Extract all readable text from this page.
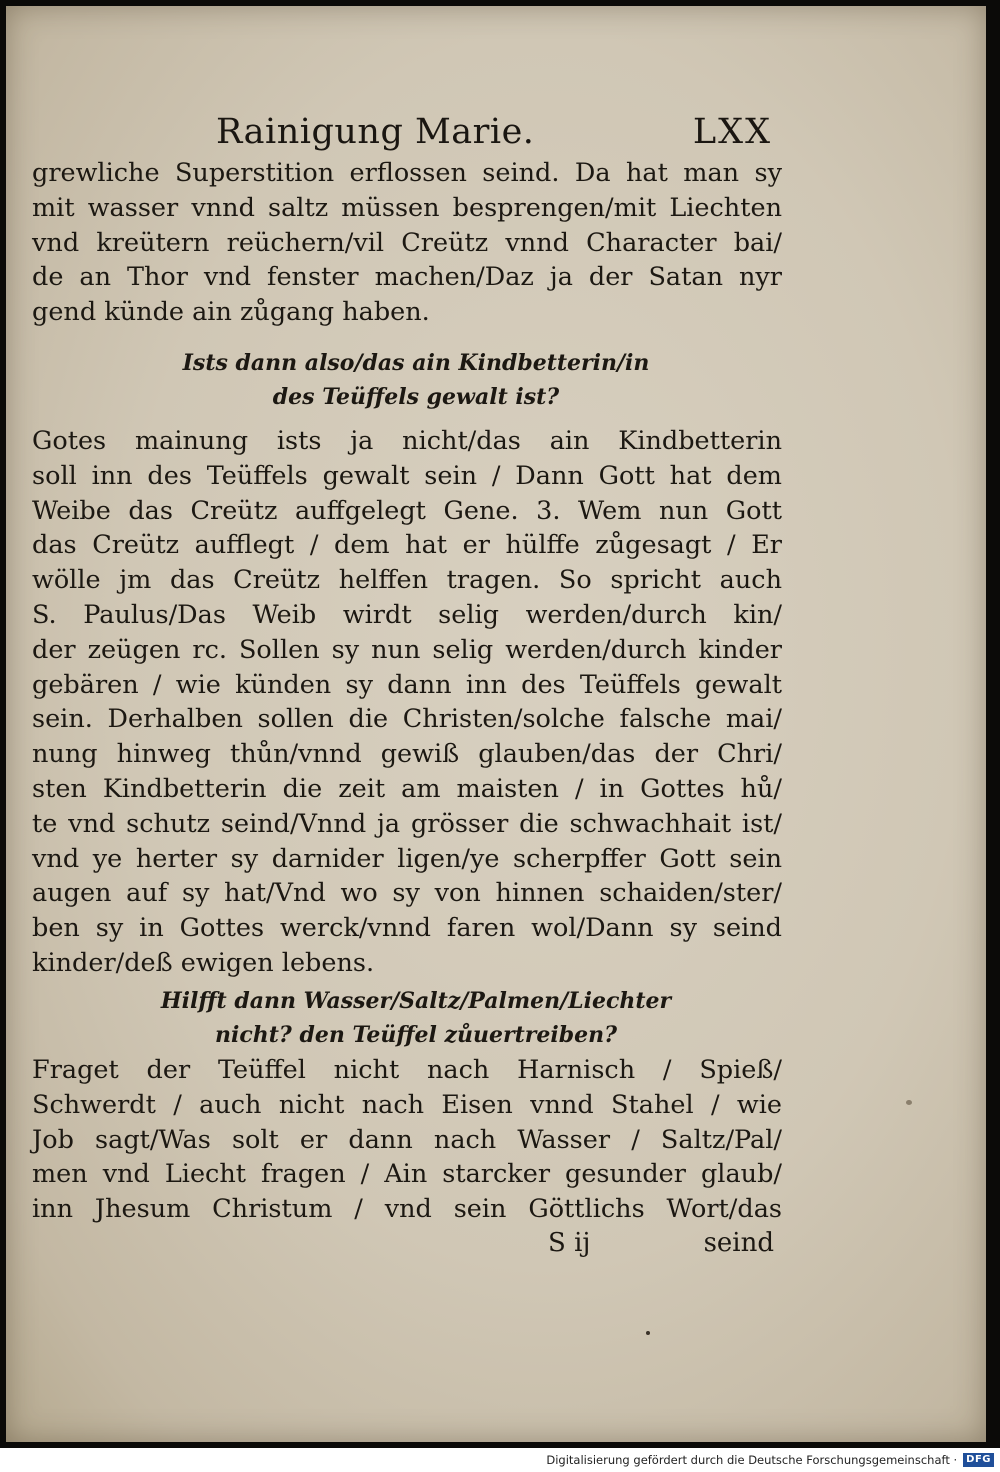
Rainigung Marie.	LXX
grewliche Superstition erflossen seind. Da hat man sy
mit wasser vnnd saltz müssen besprengen/mit Liechten
vnd kreütern reüchern/vil Creütz vnnd Character bai/
de an Thor vnd fenster machen/Daz ja der Satan nyr
gend künde ain zůgang haben.
Ists dann also/das ain Kindbetterin/in
des Teüffels gewalt ist?
Gotes mainung ists ja nicht/das ain Kindbetterin
soll inn des Teüffels gewalt sein / Dann Gott hat dem
Weibe das Creütz auffgelegt Gene. 3. Wem nun Gott
das Creütz aufflegt / dem hat er hülffe zůgesagt / Er
wölle jm das Creütz helffen tragen. So spricht auch
S. Paulus/Das Weib wirdt selig werden/durch kin/
der zeügen rc. Sollen sy nun selig werden/durch kinder
gebären / wie künden sy dann inn des Teüffels gewalt
sein. Derhalben sollen die Christen/solche falsche mai/
nung hinweg thůn/vnnd gewiß glauben/das der Chri/
sten Kindbetterin die zeit am maisten / in Gottes hů/
te vnd schutz seind/Vnnd ja grösser die schwachhait ist/
vnd ye herter sy darnider ligen/ye scherpffer Gott sein
augen auf sy hat/Vnd wo sy von hinnen schaiden/ster/
ben sy in Gottes werck/vnnd faren wol/Dann sy seind
kinder/deß ewigen lebens.
Hilfft dann Wasser/Saltz/Palmen/Liechter
nicht? den Teüffel zůuertreiben?
Fraget der Teüffel nicht nach Harnisch / Spieß/
Schwerdt / auch nicht nach Eisen vnnd Stahel / wie
Job sagt/Was solt er dann nach Wasser / Saltz/Pal/
men vnd Liecht fragen / Ain starcker gesunder glaub/
inn Jhesum Christum / vnd sein Göttlichs Wort/das
S ij	seind
Digitalisierung gefördert durch die Deutsche Forschungsgemeinschaft · DFG
